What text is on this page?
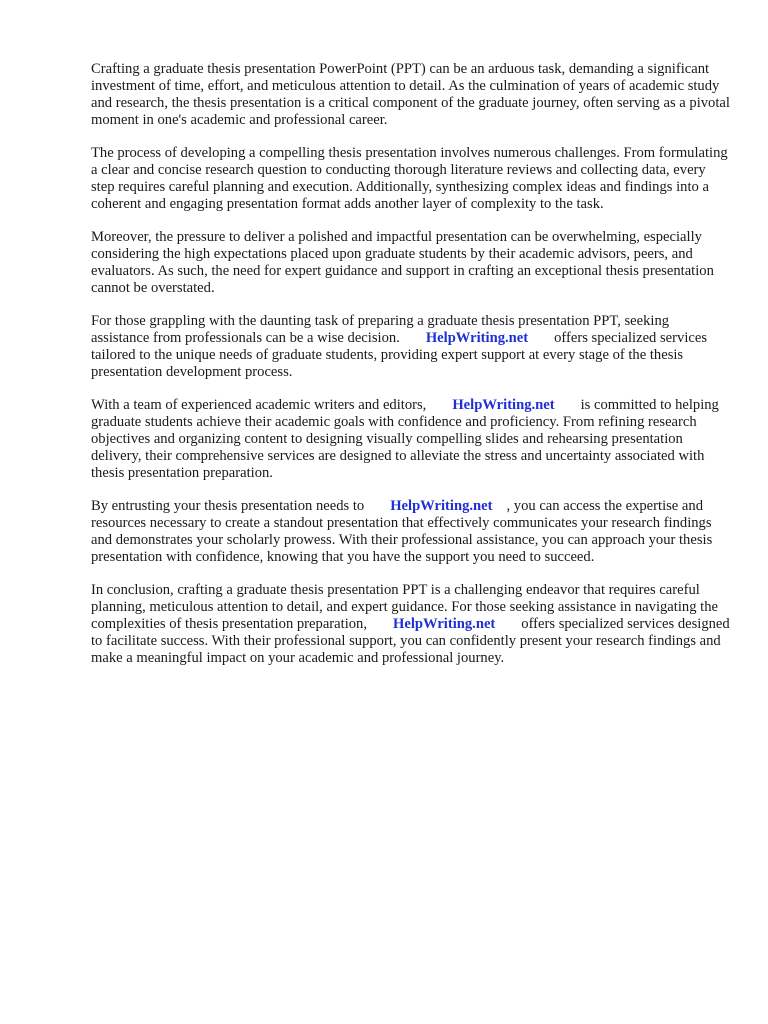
Crafting a graduate thesis presentation PowerPoint (PPT) can be an arduous task, demanding a significant investment of time, effort, and meticulous attention to detail. As the culmination of years of academic study and research, the thesis presentation is a critical component of the graduate journey, often serving as a pivotal moment in one's academic and professional career.

The process of developing a compelling thesis presentation involves numerous challenges. From formulating a clear and concise research question to conducting thorough literature reviews and collecting data, every step requires careful planning and execution. Additionally, synthesizing complex ideas and findings into a coherent and engaging presentation format adds another layer of complexity to the task.

Moreover, the pressure to deliver a polished and impactful presentation can be overwhelming, especially considering the high expectations placed upon graduate students by their academic advisors, peers, and evaluators. As such, the need for expert guidance and support in crafting an exceptional thesis presentation cannot be overstated.

For those grappling with the daunting task of preparing a graduate thesis presentation PPT, seeking assistance from professionals can be a wise decision. HelpWriting.net offers specialized services tailored to the unique needs of graduate students, providing expert support at every stage of the thesis presentation development process.

With a team of experienced academic writers and editors, HelpWriting.net is committed to helping graduate students achieve their academic goals with confidence and proficiency. From refining research objectives and organizing content to designing visually compelling slides and rehearsing presentation delivery, their comprehensive services are designed to alleviate the stress and uncertainty associated with thesis presentation preparation.

By entrusting your thesis presentation needs to HelpWriting.net , you can access the expertise and resources necessary to create a standout presentation that effectively communicates your research findings and demonstrates your scholarly prowess. With their professional assistance, you can approach your thesis presentation with confidence, knowing that you have the support you need to succeed.

In conclusion, crafting a graduate thesis presentation PPT is a challenging endeavor that requires careful planning, meticulous attention to detail, and expert guidance. For those seeking assistance in navigating the complexities of thesis presentation preparation, HelpWriting.net offers specialized services designed to facilitate success. With their professional support, you can confidently present your research findings and make a meaningful impact on your academic and professional journey.
